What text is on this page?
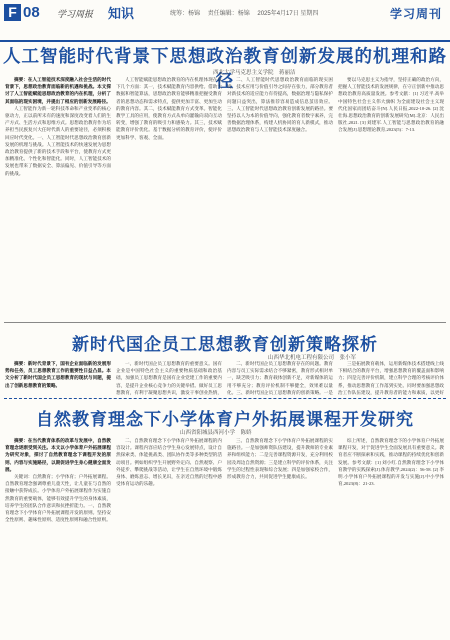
F 08 学习周报 知识	统筹：杨锦 责任编辑：杨锦 2025年4月17日 星期四	学习周刊
人工智能时代背景下思想政治教育创新发展的机理和路径
西北大学马克思主义学院　蒋丽洁

摘要：在人工智能技术深度融入社会生活的时代背景下，思想政治教育面临新的机遇和挑战。本文探讨了人工智能赋能思想政治教育的内在机理，分析了其面临的现实困境，并提出了相应的创新发展路径。

人工智能作为新一轮科技革命和产业变革的核心驱动力，正以前所未有的速度和深度改变着人们的生产方式、生活方式和思维方式。思想政治教育作为培养担当民族复兴大任时代新人的重要途径，必须积极回应时代变化。一、人工智能时代思想政治教育创新发展的机理与挑战。人工智能技术的快速发展为思想政治教育提供了新的技术手段和平台，使教育方式更加精准化、个性化和智能化。同时，人工智能技术的发展也带来了数据安全、算法偏见、价值引导等方面的挑战。

人工智能赋能思想政治教育的内在机理体现在以下几个方面：其一，技术赋能教育内容供给。借助大数据和智能算法，思想政治教育能够精准把握受教育者的思想动态和需求特点，提供更加丰富、更加生动的教育内容。其二，技术赋能教育方式变革。智能化教学工具的应用，使教育方式从单向灌输向双向互动转变，增强了教育的吸引力和感染力。其三，技术赋能教育评价优化。基于数据分析的教育评价，使评价更加科学、客观、全面。

二、人工智能时代思想政治教育面临的现实困境。技术应用与价值引导之间存在张力，部分教育者对新技术的适应能力有待提高，数据治理与隐私保护问题日益突出，算法推荐容易造成信息茧房效应。三、人工智能时代思想政治教育创新发展的路径。要坚持以人为本的价值导向，强化教育者数字素养，完善数据治理体系，构建人机协同的育人新模式，推动思想政治教育与人工智能技术深度融合。

要以马克思主义为指导，坚持正确的政治方向，把握人工智能技术的发展规律，在守正创新中推动思想政治教育高质量发展。参考文献：[1] 习近平.高举中国特色社会主义伟大旗帜 为全面建设社会主义现代化国家而团结奋斗[N].人民日报,2022-10-26. [2] 沈壮海.思想政治教育的创新发展研究[M].北京：人民出版社,2021. [3] 刘建军.人工智能与思想政治教育的融合发展[J].思想理论教育,2023(5)：7-13.

新时代国企员工思想教育创新策略探析
山西华北机电工程有限公司　张小军

摘要：新时代背景下，国有企业面临新的发展形势和任务，员工思想教育工作的重要性日益凸显。本文分析了新时代国企员工思想教育的现状与问题，提出了创新思想教育的策略。

一、新时代国企员工思想教育的重要意义。国有企业是中国特色社会主义的重要物质基础和政治基础，加强员工思想教育是国有企业党建工作的重要内容，是提升企业核心竞争力的关键举措。做好员工思想教育，有利于凝聚思想共识，激发干事创业热情，

二、新时代国企员工思想教育存在的问题。教育内容与员工实际需求结合不够紧密，教育形式相对单一，缺乏吸引力；教育载体创新不足，对新媒体的运用不够充分；教育评价机制不够健全，效果难以量化。三、新时代国企员工思想教育的创新策略。一是

三是拓展教育载体，运用新媒体技术搭建线上线下相结合的教育平台，增强思想教育的覆盖面和影响力；四是完善评价机制，建立科学合理的考核评价体系，推动思想教育工作落到实处。同时要加强思想政治工作队伍建设，提升教育者的能力和素质，以更好

自然教育理念下小学体育户外拓展课程开发研究
山西省阳城县西河小学　陈娇

摘要：在当代教育体系的改革与发展中，自然教育理念逐渐受到关注。本文以小学体育户外拓展课程为研究对象，探讨了自然教育理念下课程开发的原则、内容与实施路径，以期促进学生身心健康全面发展。

关键词：自然教育；小学体育；户外拓展课程。自然教育理念强调尊重儿童天性，让儿童在与自然的接触中获得成长。小学体育户外拓展课程作为实施自然教育的重要载体，能够有效提升学生的身体素质，培养学生的团队合作意识和抗挫折能力。一、自然教育理念下小学体育户外拓展课程开发的原则。坚持安全性原则、趣味性原则、适度性原则和融合性原则。

二、自然教育理念下小学体育户外拓展课程的内容设计。课程内容应结合学生身心发展特点，设计自然探索类、体能挑战类、团队协作类等多种类型的活动项目。例如组织学生开展野外定向、自然观察、户外徒步、攀爬挑战等活动，让学生在自然环境中锻炼身体、磨炼意志、增长见识，在亲近自然的过程中感受体育运动的乐趣。

三、自然教育理念下小学体育户外拓展课程的实施路径。一是加强师资队伍建设，提升教师的专业素养和组织能力；二是完善课程资源开发，充分利用校园及周边自然资源；三是建立科学的评价体系，关注学生的过程性表现和综合发展；四是加强家校合作，形成教育合力，共同促进学生健康成长。

综上所述，自然教育理念下的小学体育户外拓展课程开发，对于促进学生全面发展具有重要意义。教育者应不断探索和实践，推动课程的持续优化和创新发展。参考文献：[1] 刘小红.自然教育理念下小学体育教学的实践探索[J].体育教学,2024(2)：56-58. [2] 李明.小学体育户外拓展课程的开发与实施[J].中小学体育,2023(8)：21-23.
